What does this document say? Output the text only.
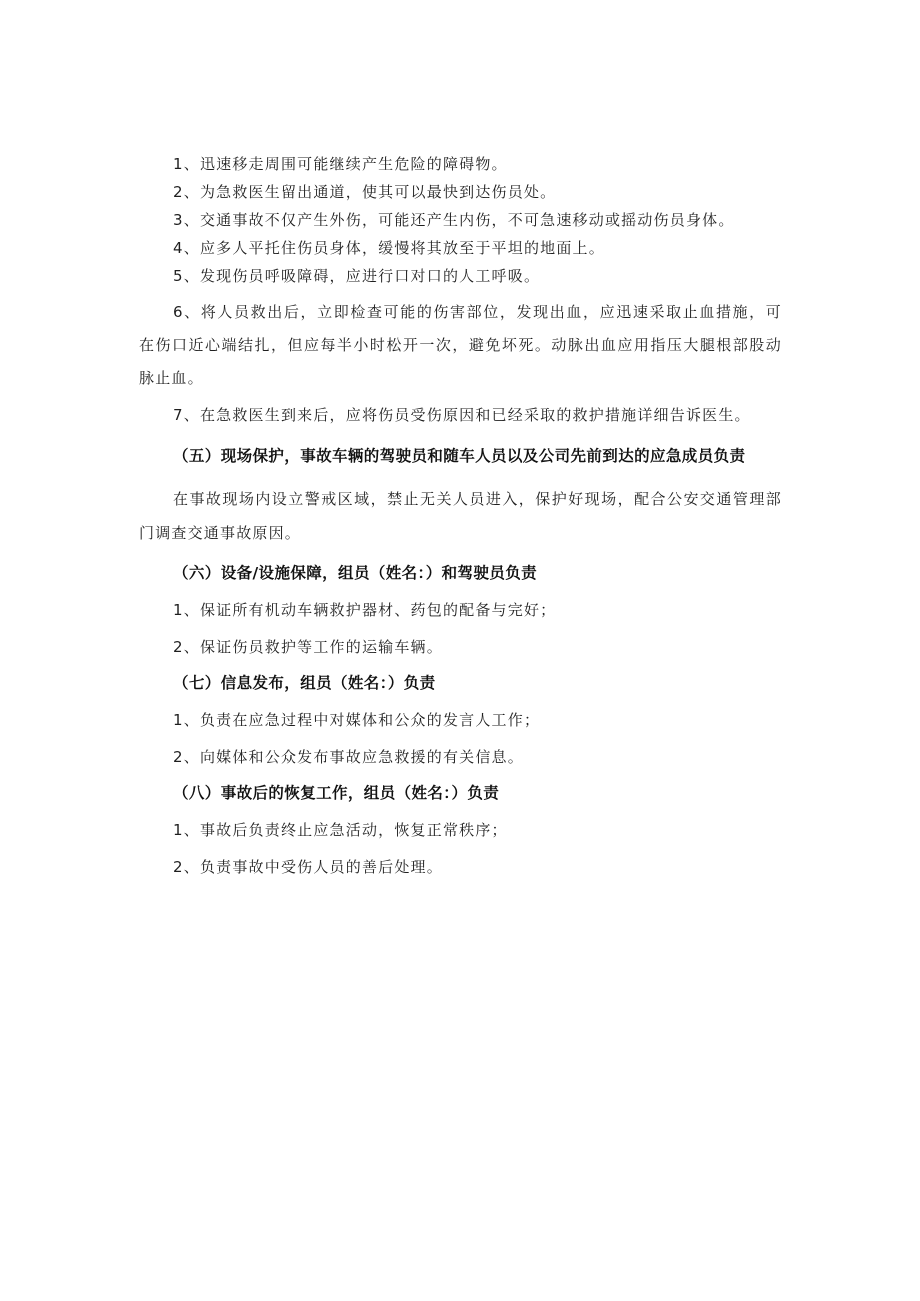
1、迅速移走周围可能继续产生危险的障碍物。

2、为急救医生留出通道，使其可以最快到达伤员处。

3、交通事故不仅产生外伤，可能还产生内伤，不可急速移动或摇动伤员身体。

4、应多人平托住伤员身体，缓慢将其放至于平坦的地面上。

5、发现伤员呼吸障碍，应进行口对口的人工呼吸。

6、将人员救出后，立即检查可能的伤害部位，发现出血，应迅速采取止血措施，可在伤口近心端结扎，但应每半小时松开一次，避免坏死。动脉出血应用指压大腿根部股动脉止血。

7、在急救医生到来后，应将伤员受伤原因和已经采取的救护措施详细告诉医生。

（五）现场保护，事故车辆的驾驶员和随车人员以及公司先前到达的应急成员负责

在事故现场内设立警戒区域，禁止无关人员进入，保护好现场，配合公安交通管理部门调查交通事故原因。

（六）设备/设施保障，组员（姓名：）和驾驶员负责

1、保证所有机动车辆救护器材、药包的配备与完好；

2、保证伤员救护等工作的运输车辆。

（七）信息发布，组员（姓名：）负责

1、负责在应急过程中对媒体和公众的发言人工作；

2、向媒体和公众发布事故应急救援的有关信息。

（八）事故后的恢复工作，组员（姓名：）负责

1、事故后负责终止应急活动，恢复正常秩序；

2、负责事故中受伤人员的善后处理。
